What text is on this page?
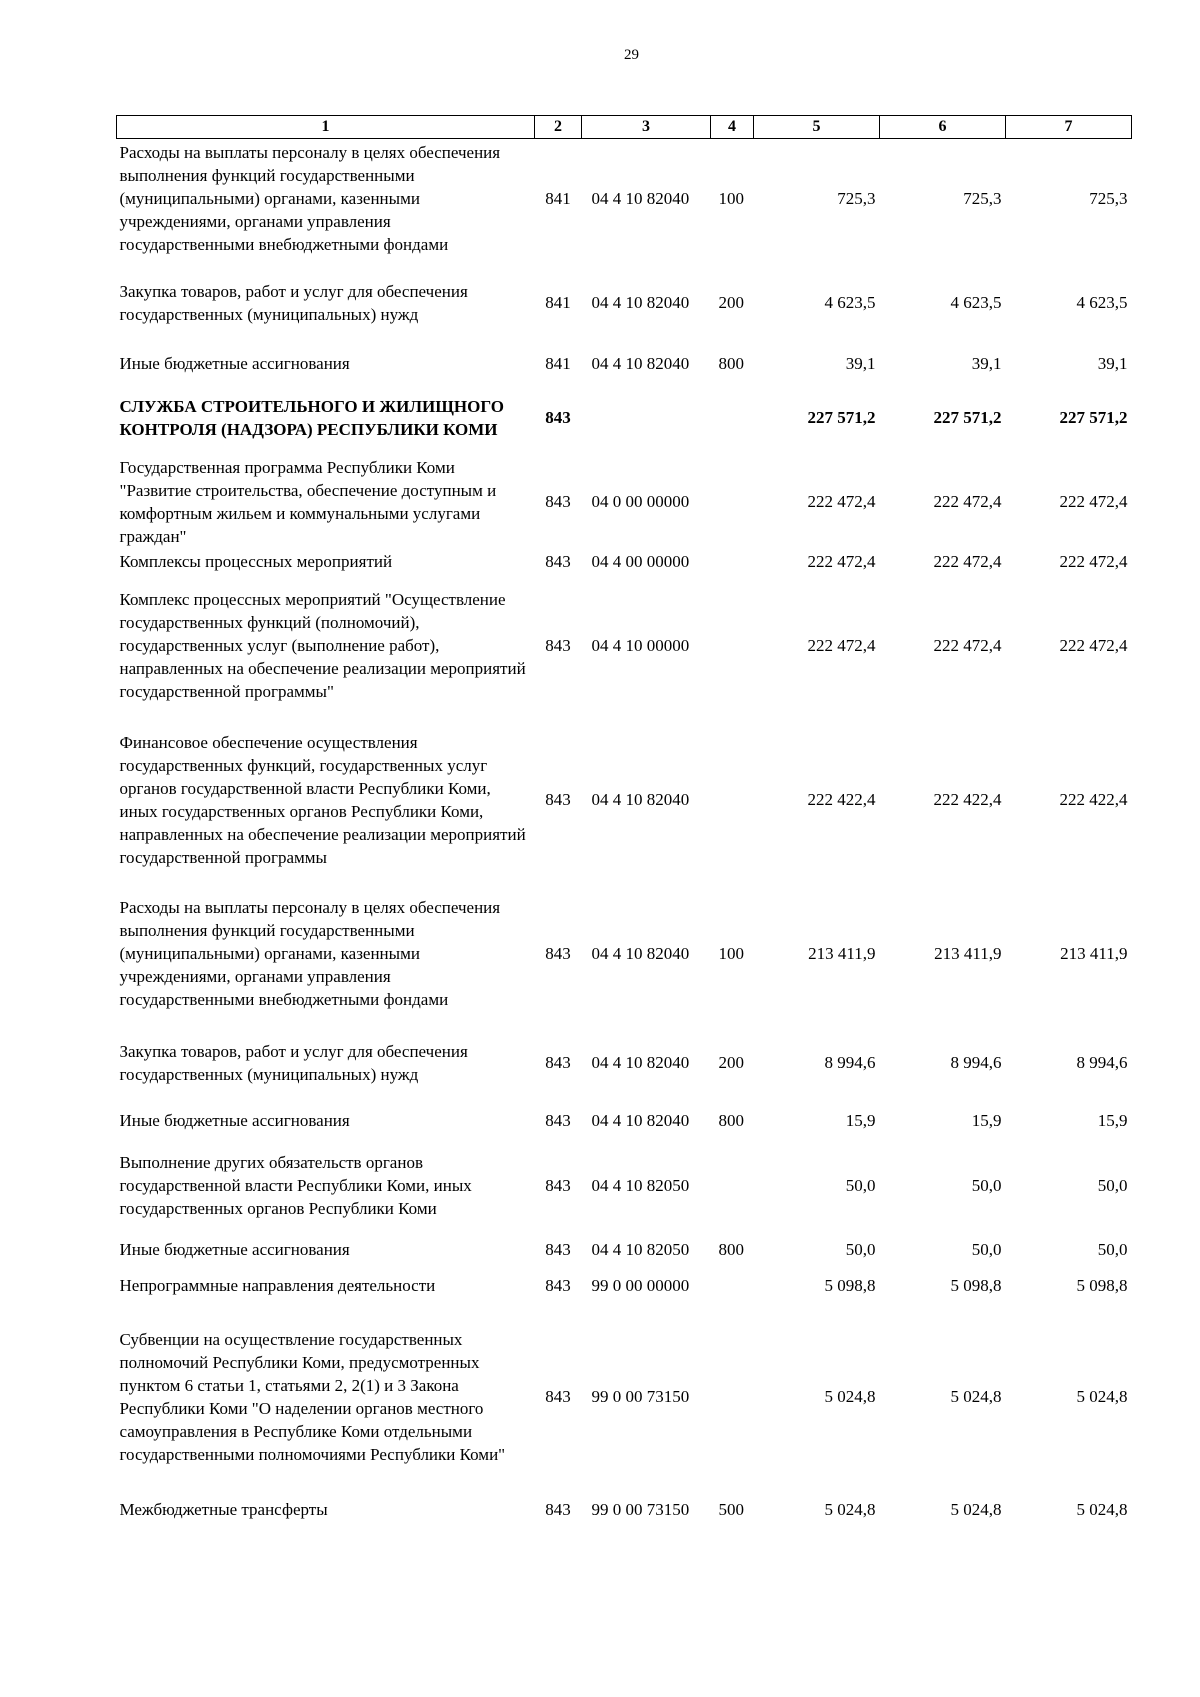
29
1	2	3	4	5	6	7
Расходы на выплаты персоналу в целях обеспечения выполнения функций государственными (муниципальными) органами, казенными учреждениями, органами управления государственными внебюджетными фондами	841	04 4 10 82040	100	725,3	725,3	725,3
Закупка товаров, работ и услуг для обеспечения государственных (муниципальных) нужд	841	04 4 10 82040	200	4 623,5	4 623,5	4 623,5
Иные бюджетные ассигнования	841	04 4 10 82040	800	39,1	39,1	39,1
СЛУЖБА СТРОИТЕЛЬНОГО И ЖИЛИЩНОГО КОНТРОЛЯ (НАДЗОРА) РЕСПУБЛИКИ КОМИ	843			227 571,2	227 571,2	227 571,2
Государственная программа Республики Коми "Развитие строительства, обеспечение доступным и комфортным жильем и коммунальными услугами граждан"	843	04 0 00 00000		222 472,4	222 472,4	222 472,4
Комплексы процессных мероприятий	843	04 4 00 00000		222 472,4	222 472,4	222 472,4
Комплекс процессных мероприятий "Осуществление государственных функций (полномочий), государственных услуг (выполнение работ), направленных на обеспечение реализации мероприятий государственной программы"	843	04 4 10 00000		222 472,4	222 472,4	222 472,4
Финансовое обеспечение осуществления государственных функций, государственных услуг органов государственной власти Республики Коми, иных государственных органов Республики Коми, направленных на обеспечение реализации мероприятий государственной программы	843	04 4 10 82040		222 422,4	222 422,4	222 422,4
Расходы на выплаты персоналу в целях обеспечения выполнения функций государственными (муниципальными) органами, казенными учреждениями, органами управления государственными внебюджетными фондами	843	04 4 10 82040	100	213 411,9	213 411,9	213 411,9
Закупка товаров, работ и услуг для обеспечения государственных (муниципальных) нужд	843	04 4 10 82040	200	8 994,6	8 994,6	8 994,6
Иные бюджетные ассигнования	843	04 4 10 82040	800	15,9	15,9	15,9
Выполнение других обязательств органов государственной власти Республики Коми, иных государственных органов Республики Коми	843	04 4 10 82050		50,0	50,0	50,0
Иные бюджетные ассигнования	843	04 4 10 82050	800	50,0	50,0	50,0
Непрограммные направления деятельности	843	99 0 00 00000		5 098,8	5 098,8	5 098,8
Субвенции на осуществление государственных полномочий Республики Коми, предусмотренных пунктом 6 статьи 1, статьями 2, 2(1) и 3 Закона Республики Коми "О наделении органов местного самоуправления в Республике Коми отдельными государственными полномочиями Республики Коми"	843	99 0 00 73150		5 024,8	5 024,8	5 024,8
Межбюджетные трансферты	843	99 0 00 73150	500	5 024,8	5 024,8	5 024,8
